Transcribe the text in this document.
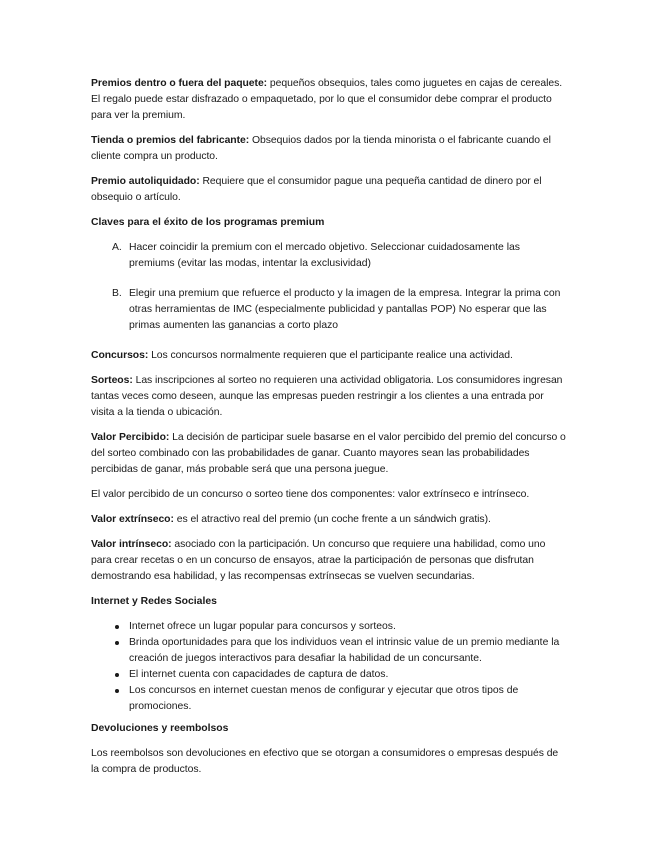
Premios dentro o fuera del paquete: pequeños obsequios, tales como juguetes en cajas de cereales. El regalo puede estar disfrazado o empaquetado, por lo que el consumidor debe comprar el producto para ver la premium.

Tienda o premios del fabricante: Obsequios dados por la tienda minorista o el fabricante cuando el cliente compra un producto.

Premio autoliquidado: Requiere que el consumidor pague una pequeña cantidad de dinero por el obsequio o artículo.

Claves para el éxito de los programas premium

A. Hacer coincidir la premium con el mercado objetivo. Seleccionar cuidadosamente las premiums (evitar las modas, intentar la exclusividad)
B. Elegir una premium que refuerce el producto y la imagen de la empresa. Integrar la prima con otras herramientas de IMC (especialmente publicidad y pantallas POP) No esperar que las primas aumenten las ganancias a corto plazo

Concursos: Los concursos normalmente requieren que el participante realice una actividad.

Sorteos: Las inscripciones al sorteo no requieren una actividad obligatoria. Los consumidores ingresan tantas veces como deseen, aunque las empresas pueden restringir a los clientes a una entrada por visita a la tienda o ubicación.

Valor Percibido: La decisión de participar suele basarse en el valor percibido del premio del concurso o del sorteo combinado con las probabilidades de ganar. Cuanto mayores sean las probabilidades percibidas de ganar, más probable será que una persona juegue.

El valor percibido de un concurso o sorteo tiene dos componentes: valor extrínseco e intrínseco.

Valor extrínseco: es el atractivo real del premio (un coche frente a un sándwich gratis).

Valor intrínseco: asociado con la participación. Un concurso que requiere una habilidad, como uno para crear recetas o en un concurso de ensayos, atrae la participación de personas que disfrutan demostrando esa habilidad, y las recompensas extrínsecas se vuelven secundarias.

Internet y Redes Sociales

Internet ofrece un lugar popular para concursos y sorteos.
Brinda oportunidades para que los individuos vean el intrinsic value de un premio mediante la creación de juegos interactivos para desafiar la habilidad de un concursante.
El internet cuenta con capacidades de captura de datos.
Los concursos en internet cuestan menos de configurar y ejecutar que otros tipos de promociones.

Devoluciones y reembolsos

Los reembolsos son devoluciones en efectivo que se otorgan a consumidores o empresas después de la compra de productos.
